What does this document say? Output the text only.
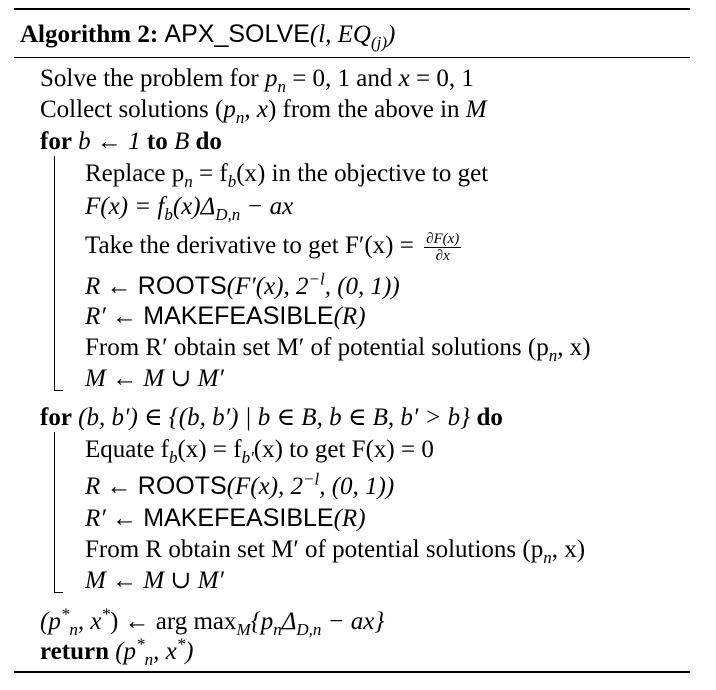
Algorithm 2: APX_SOLVE(l, $EQ_{(j)}$)
Solve the problem for $p_n = 0$, 1 and x = 0, 1
Collect solutions ($p_n$, x) from the above in M
for b ← 1 to B do
Replace $p_n = f_b(x)$ in the objective to get
$F(x) = f_b(x)\Delta_{D,n}$ − ax
Take the derivative to get $F'(x) = \frac{\partial F(x)}{\partial x}$
R ← ROOTS(F′(x), $2^{-l}$, (0, 1))
R′ ← MAKEFEASIBLE(R)
From R′ obtain set M′ of potential solutions ($p_n$, x)
M ← M ∪ M′
for (b, b′) ∈ {(b, b′) | b ∈ B, b ∈ B, b′ > b} do
Equate $f_b(x) = f_{b'}(x)$ to get F(x) = 0
R ← ROOTS(F(x), $2^{-l}$, (0, 1))
R′ ← MAKEFEASIBLE(R)
From R obtain set M′ of potential solutions ($p_n$, x)
M ← M ∪ M′
($p^*_n$, x*) ← arg $\max_M\{p_n\Delta_{D,n} - ax\}$
return ($p^*_n$, x*)
